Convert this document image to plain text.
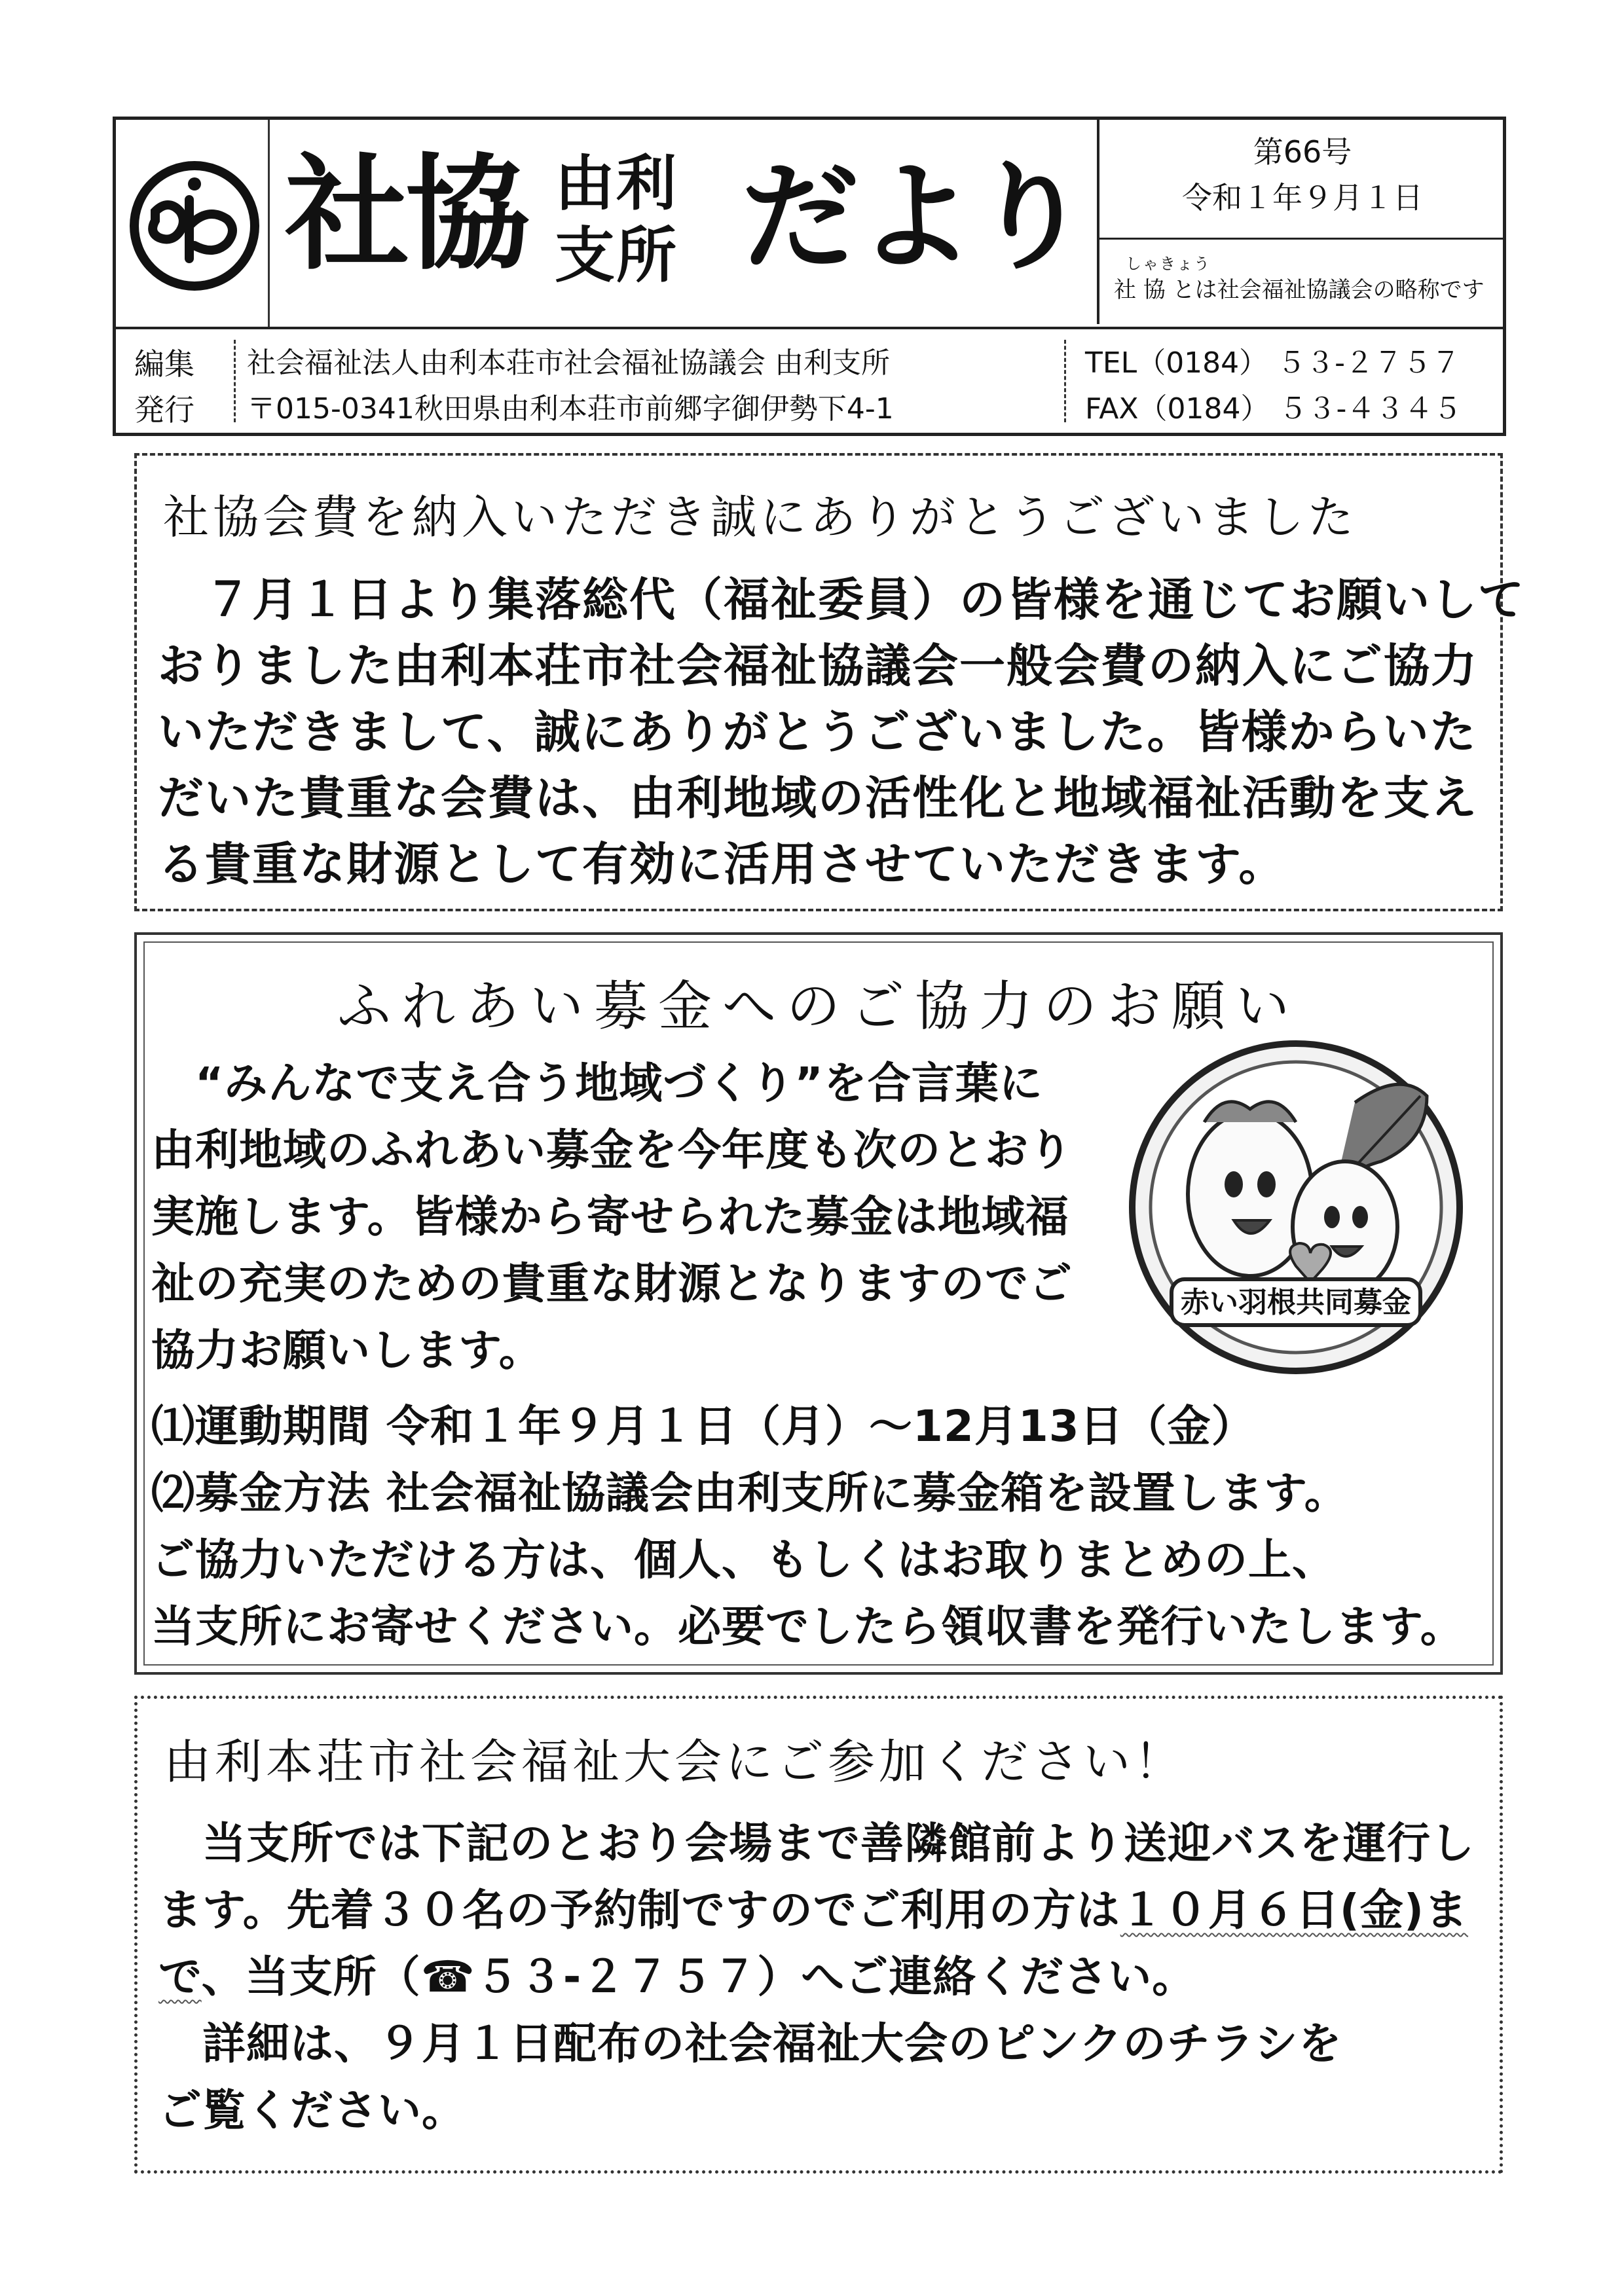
社協 由利
支所 だより	第66号
令和１年９月１日
しゃきょう
社 協 とは社会福祉協議会の略称です
編集
発行
社会福祉法人由利本荘市社会福祉協議会 由利支所
〒015-0341秋田県由利本荘市前郷字御伊勢下4-1
TEL（0184） ５３-２７５７
FAX（0184） ５３-４３４５
社協会費を納入いただき誠にありがとうございました

　７月１日より集落総代（福祉委員）の皆様を通じてお願いして

おりました由利本荘市社会福祉協議会一般会費の納入にご協力

いただきまして、誠にありがとうございました。皆様からいた

だいた貴重な会費は、由利地域の活性化と地域福祉活動を支え

る貴重な財源として有効に活用させていただきます。

ふれあい募金へのご協力のお願い

　“みんなで支え合う地域づくり”を合言葉に

由利地域のふれあい募金を今年度も次のとおり

実施します。皆様から寄せられた募金は地域福

祉の充実のための貴重な財源となりますのでご

協力お願いします。

⑴運動期間 令和１年９月１日（月）～12月13日（金）

⑵募金方法 社会福祉協議会由利支所に募金箱を設置します。

ご協力いただける方は、個人、もしくはお取りまとめの上、

当支所にお寄せください。必要でしたら領収書を発行いたします。

赤い羽根共同募金
由利本荘市社会福祉大会にご参加ください！

　当支所では下記のとおり会場まで善隣館前より送迎バスを運行し

ます。先着３０名の予約制ですのでご利用の方は１０月６日(金)ま

で、当支所（☎５３-２７５７）へご連絡ください。

　詳細は、９月１日配布の社会福祉大会のピンクのチラシを

ご覧ください。
